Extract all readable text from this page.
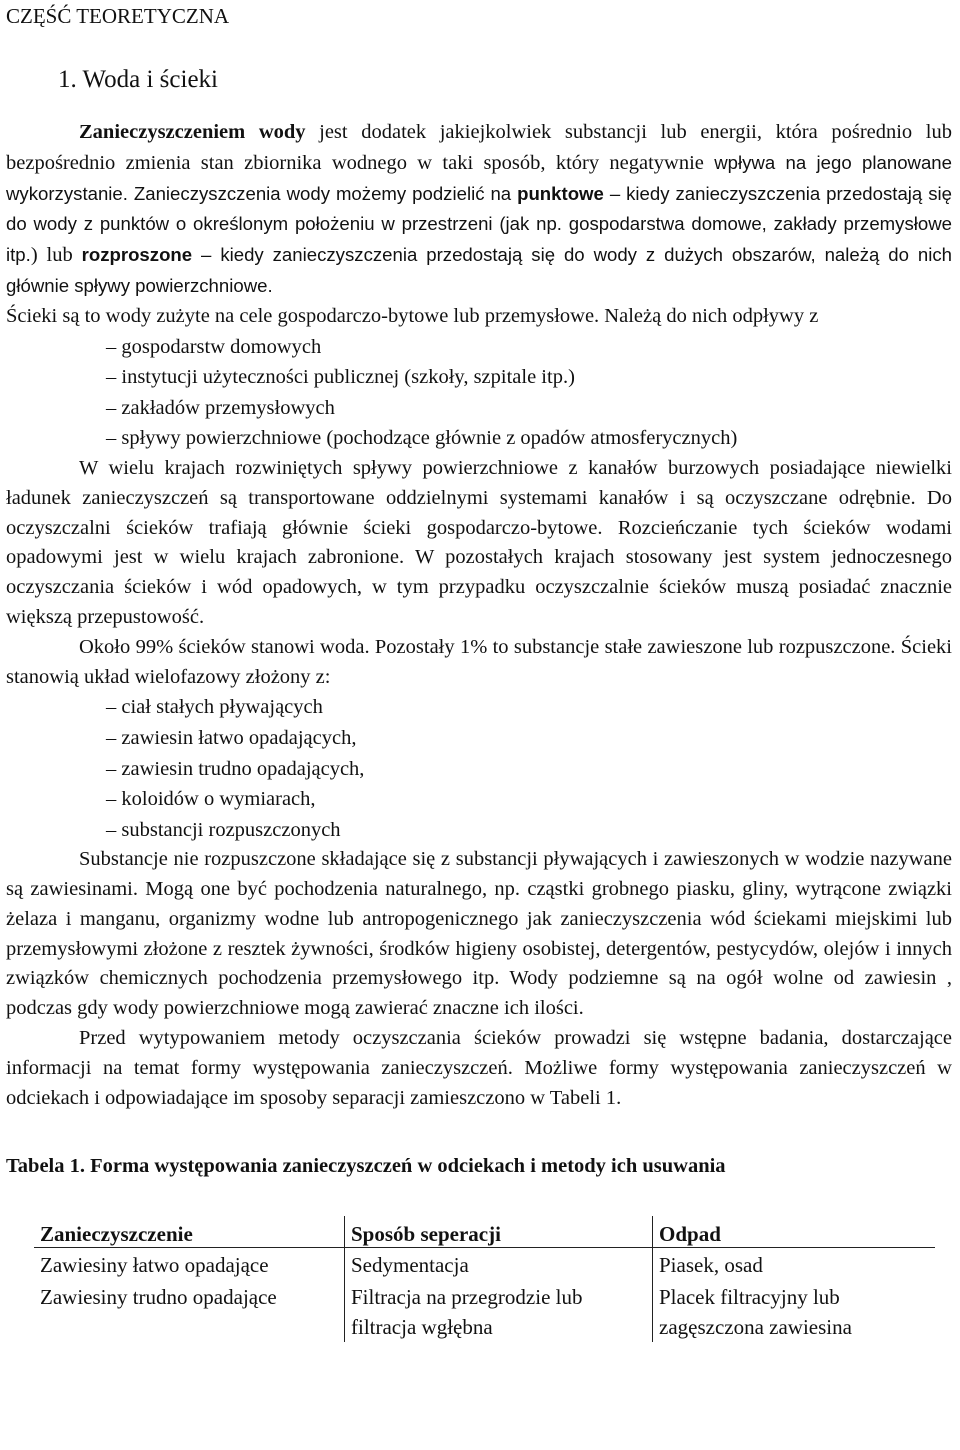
CZĘŚĆ TEORETYCZNA
1. Woda i ścieki

Zanieczyszczeniem wody jest dodatek jakiejkolwiek substancji lub energii, która pośrednio lub bezpośrednio zmienia stan zbiornika wodnego w taki sposób, który negatywnie wpływa na jego planowane wykorzystanie. Zanieczyszczenia wody możemy podzielić na punktowe – kiedy zanieczyszczenia przedostają się do wody z punktów o określonym położeniu w przestrzeni (jak np. gospodarstwa domowe, zakłady przemysłowe itp.) lub rozproszone – kiedy zanieczyszczenia przedostają się do wody z dużych obszarów, należą do nich głównie spływy powierzchniowe.

Ścieki są to wody zużyte na cele gospodarczo-bytowe lub przemysłowe. Należą do nich odpływy z

– gospodarstw domowych
– instytucji użyteczności publicznej (szkoły, szpitale itp.)
– zakładów przemysłowych
– spływy powierzchniowe (pochodzące głównie z opadów atmosferycznych)

W wielu krajach rozwiniętych spływy powierzchniowe z kanałów burzowych posiadające niewielki ładunek zanieczyszczeń są transportowane oddzielnymi systemami kanałów i są oczyszczane odrębnie. Do oczyszczalni ścieków trafiają głównie ścieki gospodarczo-bytowe. Rozcieńczanie tych ścieków wodami opadowymi jest w wielu krajach zabronione. W pozostałych krajach stosowany jest system jednoczesnego oczyszczania ścieków i wód opadowych, w tym przypadku oczyszczalnie ścieków muszą posiadać znacznie większą przepustowość.

Około 99% ścieków stanowi woda. Pozostały 1% to substancje stałe zawieszone lub rozpuszczone. Ścieki stanowią układ wielofazowy złożony z:

– ciał stałych pływających
– zawiesin łatwo opadających,
– zawiesin trudno opadających,
– koloidów o wymiarach,
– substancji rozpuszczonych

Substancje nie rozpuszczone składające się z substancji pływających i zawieszonych w wodzie nazywane są zawiesinami. Mogą one być pochodzenia naturalnego, np. cząstki grobnego piasku, gliny, wytrącone związki żelaza i manganu, organizmy wodne lub antropogenicznego jak zanieczyszczenia wód ściekami miejskimi lub przemysłowymi złożone z resztek żywności, środków higieny osobistej, detergentów, pestycydów, olejów i innych związków chemicznych pochodzenia przemysłowego itp. Wody podziemne są na ogół wolne od zawiesin , podczas gdy wody powierzchniowe mogą zawierać znaczne ich ilości.

Przed wytypowaniem metody oczyszczania ścieków prowadzi się wstępne badania, dostarczające informacji na temat formy występowania zanieczyszczeń. Możliwe formy występowania zanieczyszczeń w odciekach i odpowiadające im sposoby separacji zamieszczono w Tabeli 1.

Tabela 1. Forma występowania zanieczyszczeń w odciekach i metody ich usuwania
Zanieczyszczenie	Sposób seperacji	Odpad
Zawiesiny łatwo opadające	Sedymentacja	Piasek, osad
Zawiesiny trudno opadające	Filtracja na przegrodzie lub filtracja wgłębna	Placek filtracyjny lub zagęszczona zawiesina
